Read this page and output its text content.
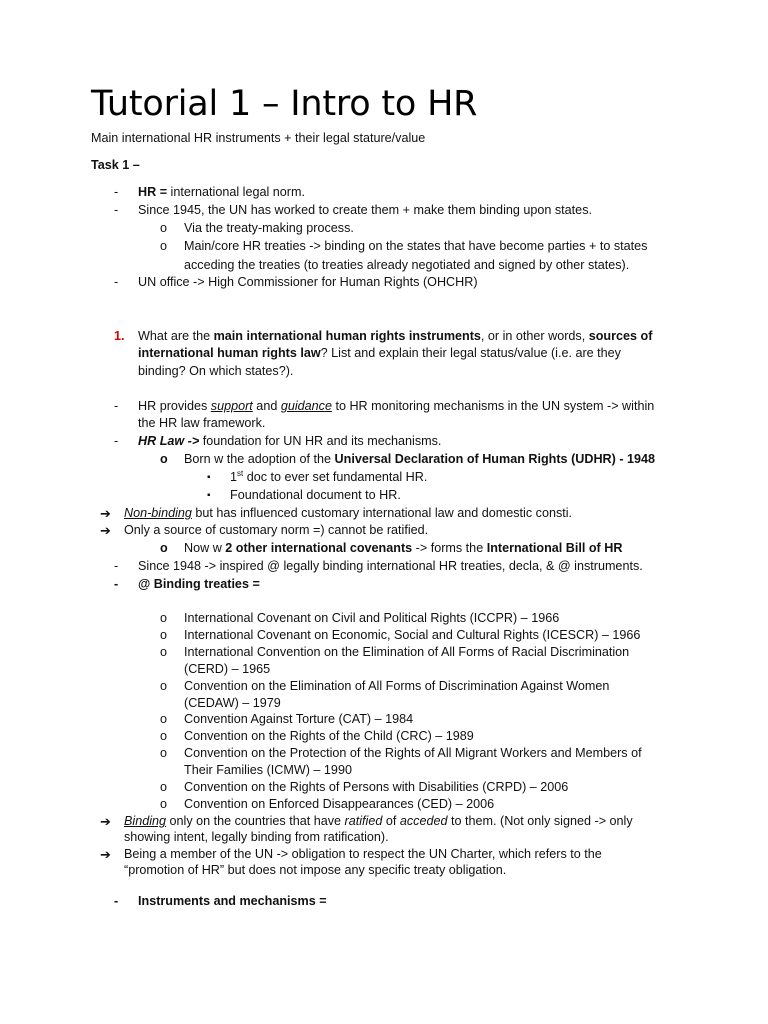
Tutorial 1 – Intro to HR
Main international HR instruments + their legal stature/value
Task 1 –
- HR = international legal norm.
- Since 1945, the UN has worked to create them + make them binding upon states.
o Via the treaty-making process.
o Main/core HR treaties -> binding on the states that have become parties + to states
acceding the treaties (to treaties already negotiated and signed by other states).
- UN office -> High Commissioner for Human Rights (OHCHR)
1. What are the main international human rights instruments, or in other words, sources of
international human rights law? List and explain their legal status/value (i.e. are they
binding? On which states?).
- HR provides support and guidance to HR monitoring mechanisms in the UN system -> within
the HR law framework.
- HR Law -> foundation for UN HR and its mechanisms.
o Born w the adoption of the Universal Declaration of Human Rights (UDHR) - 1948
▪ 1st doc to ever set fundamental HR.
▪ Foundational document to HR.
➔ Non-binding but has influenced customary international law and domestic consti.
➔ Only a source of customary norm =) cannot be ratified.
o Now w 2 other international covenants -> forms the International Bill of HR
- Since 1948 -> inspired @ legally binding international HR treaties, decla, & @ instruments.
- @ Binding treaties =
o International Covenant on Civil and Political Rights (ICCPR) – 1966
o International Covenant on Economic, Social and Cultural Rights (ICESCR) – 1966
o International Convention on the Elimination of All Forms of Racial Discrimination
(CERD) – 1965
o Convention on the Elimination of All Forms of Discrimination Against Women
(CEDAW) – 1979
o Convention Against Torture (CAT) – 1984
o Convention on the Rights of the Child (CRC) – 1989
o Convention on the Protection of the Rights of All Migrant Workers and Members of
Their Families (ICMW) – 1990
o Convention on the Rights of Persons with Disabilities (CRPD) – 2006
o Convention on Enforced Disappearances (CED) – 2006
➔ Binding only on the countries that have ratified of acceded to them. (Not only signed -> only
showing intent, legally binding from ratification).
➔ Being a member of the UN -> obligation to respect the UN Charter, which refers to the
“promotion of HR” but does not impose any specific treaty obligation.
- Instruments and mechanisms =
